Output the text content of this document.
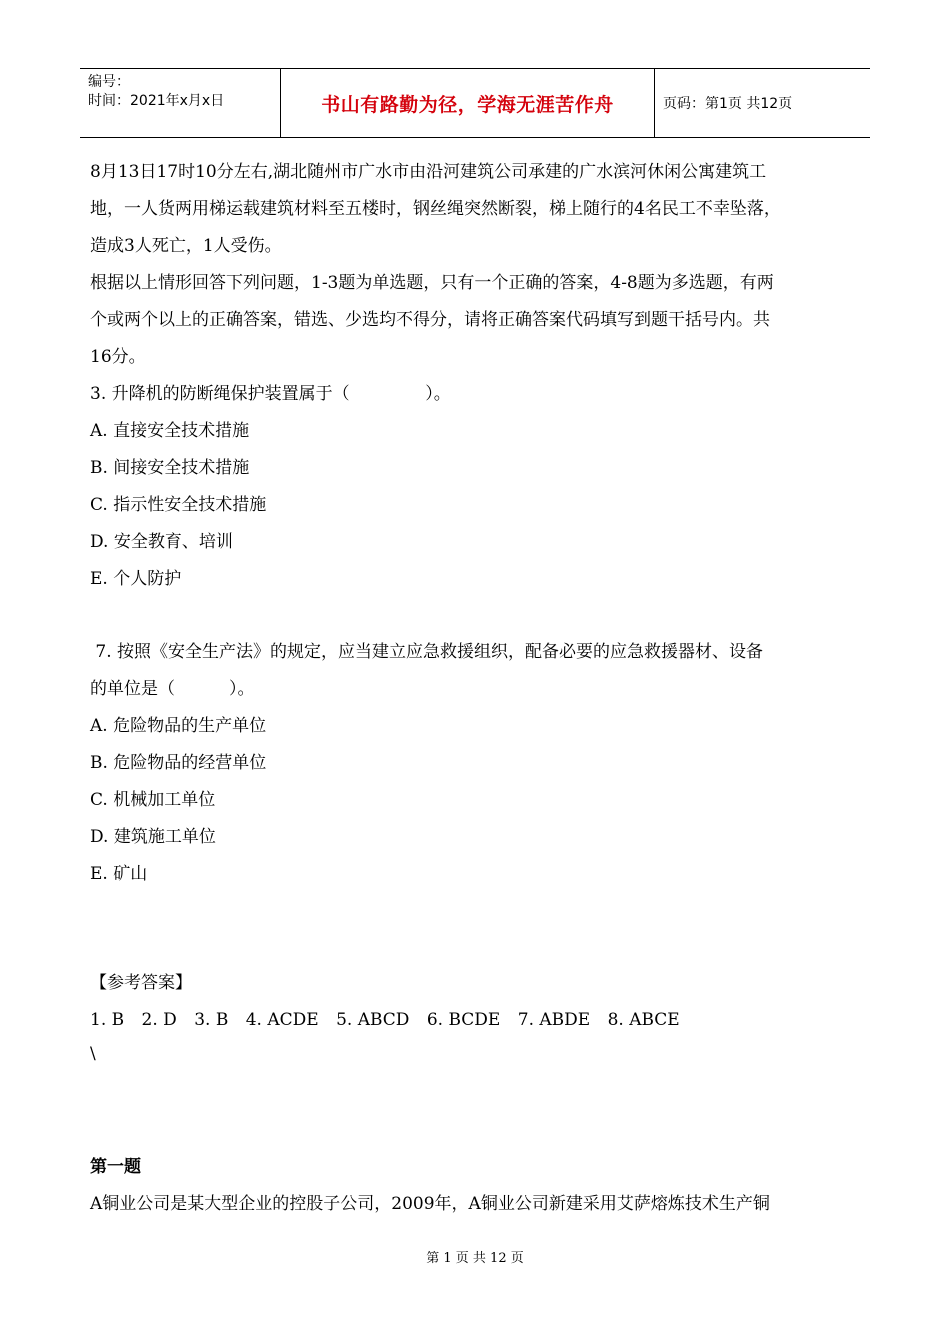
编号：
时间：2021年x月x日	书山有路勤为径，学海无涯苦作舟	页码：第1页 共12页
8月13日17时10分左右,湖北随州市广水市由沿河建筑公司承建的广水滨河休闲公寓建筑工
地，一人货两用梯运载建筑材料至五楼时，钢丝绳突然断裂，梯上随行的4名民工不幸坠落，
造成3人死亡，1人受伤。
根据以上情形回答下列问题，1-3题为单选题，只有一个正确的答案，4-8题为多选题，有两
个或两个以上的正确答案，错选、少选均不得分，请将正确答案代码填写到题干括号内。共
16分。
3. 升降机的防断绳保护装置属于（              ）。
A. 直接安全技术措施
B. 间接安全技术措施
C. 指示性安全技术措施
D. 安全教育、培训
E. 个人防护
7. 按照《安全生产法》的规定，应当建立应急救援组织，配备必要的应急救援器材、设备
的单位是（          ）。
A. 危险物品的生产单位
B. 危险物品的经营单位
C. 机械加工单位
D. 建筑施工单位
E. 矿山
【参考答案】
1. B 2. D 3. B 4. ACDE 5. ABCD 6. BCDE 7. ABDE 8. ABCE
\
第一题
A铜业公司是某大型企业的控股子公司，2009年，A铜业公司新建采用艾萨熔炼技术生产铜
第 1 页 共 12 页
